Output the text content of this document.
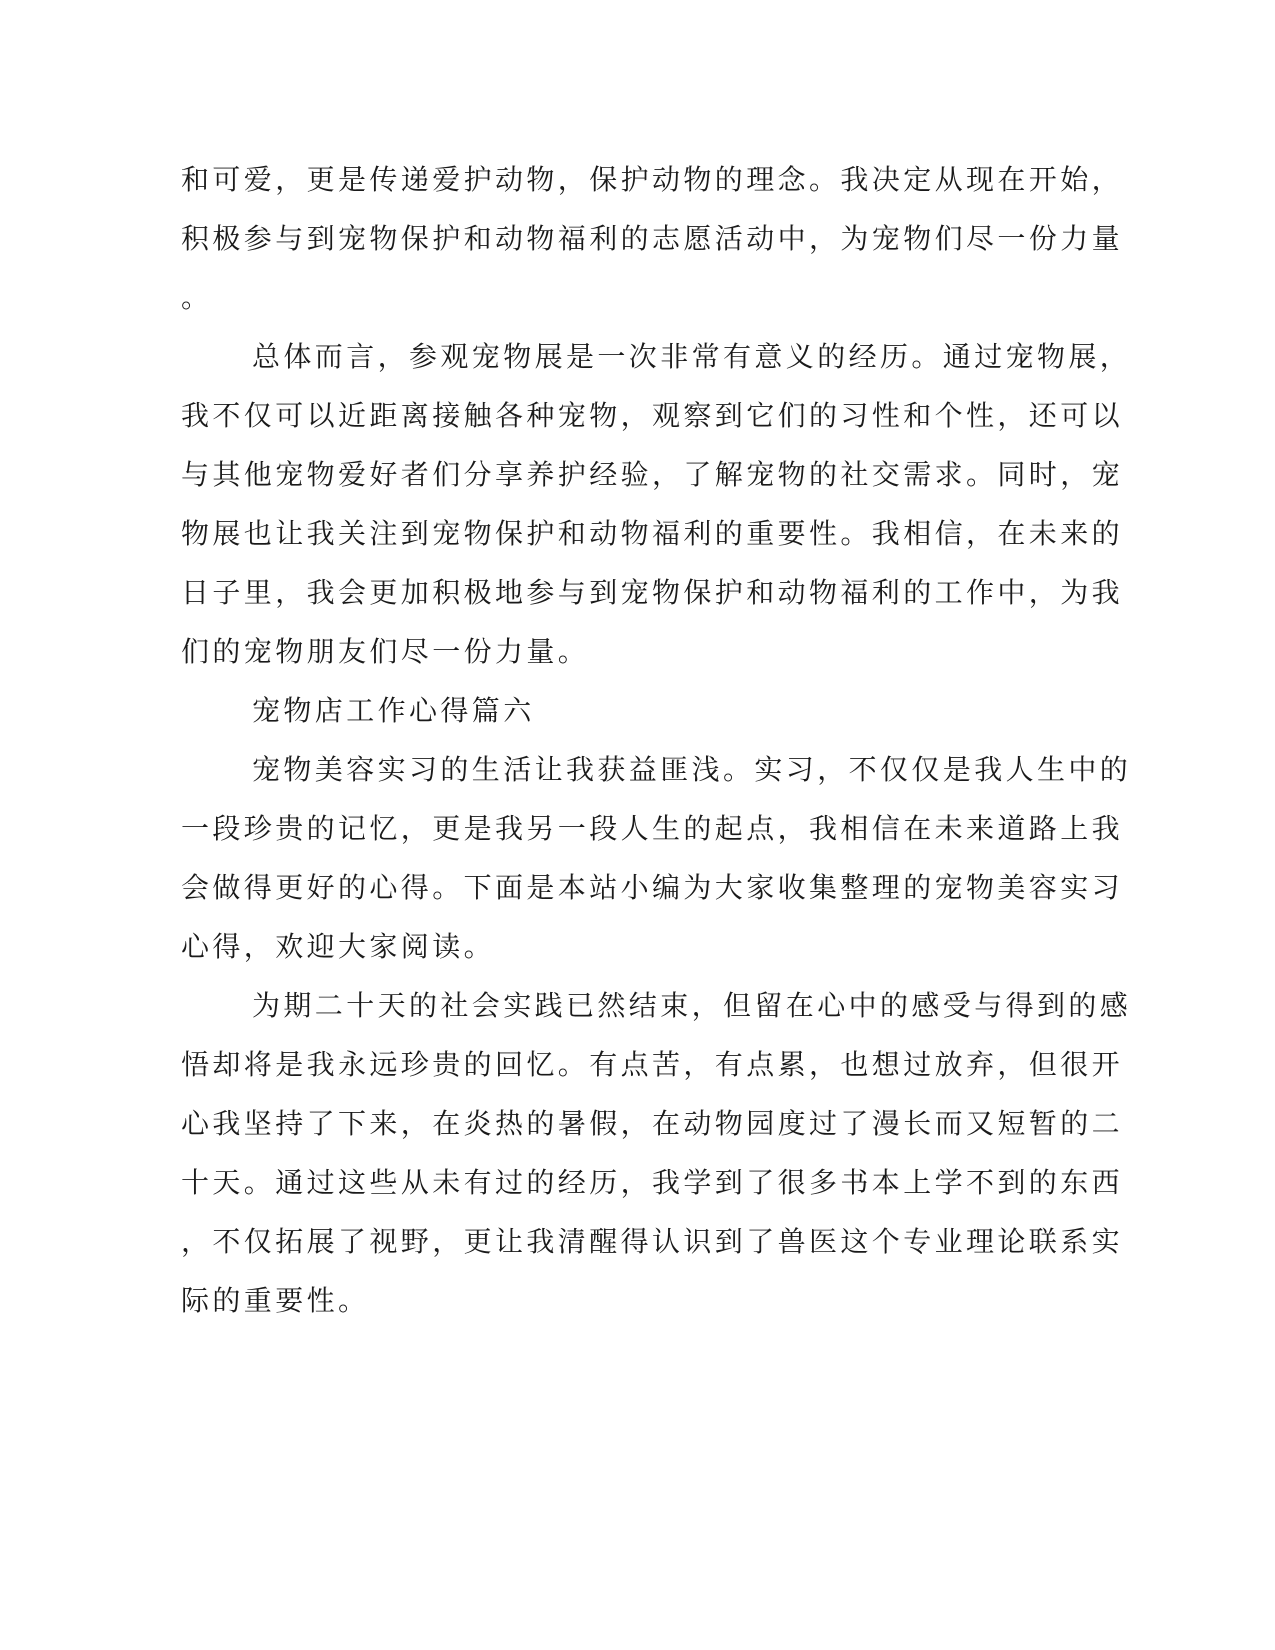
和可爱，更是传递爱护动物，保护动物的理念。我决定从现在开始，

积极参与到宠物保护和动物福利的志愿活动中，为宠物们尽一份力量

。

总体而言，参观宠物展是一次非常有意义的经历。通过宠物展，

我不仅可以近距离接触各种宠物，观察到它们的习性和个性，还可以

与其他宠物爱好者们分享养护经验，了解宠物的社交需求。同时，宠

物展也让我关注到宠物保护和动物福利的重要性。我相信，在未来的

日子里，我会更加积极地参与到宠物保护和动物福利的工作中，为我

们的宠物朋友们尽一份力量。

宠物店工作心得篇六

宠物美容实习的生活让我获益匪浅。实习，不仅仅是我人生中的

一段珍贵的记忆，更是我另一段人生的起点，我相信在未来道路上我

会做得更好的心得。下面是本站小编为大家收集整理的宠物美容实习

心得，欢迎大家阅读。

为期二十天的社会实践已然结束，但留在心中的感受与得到的感

悟却将是我永远珍贵的回忆。有点苦，有点累，也想过放弃，但很开

心我坚持了下来，在炎热的暑假，在动物园度过了漫长而又短暂的二

十天。通过这些从未有过的经历，我学到了很多书本上学不到的东西

，不仅拓展了视野，更让我清醒得认识到了兽医这个专业理论联系实

际的重要性。
